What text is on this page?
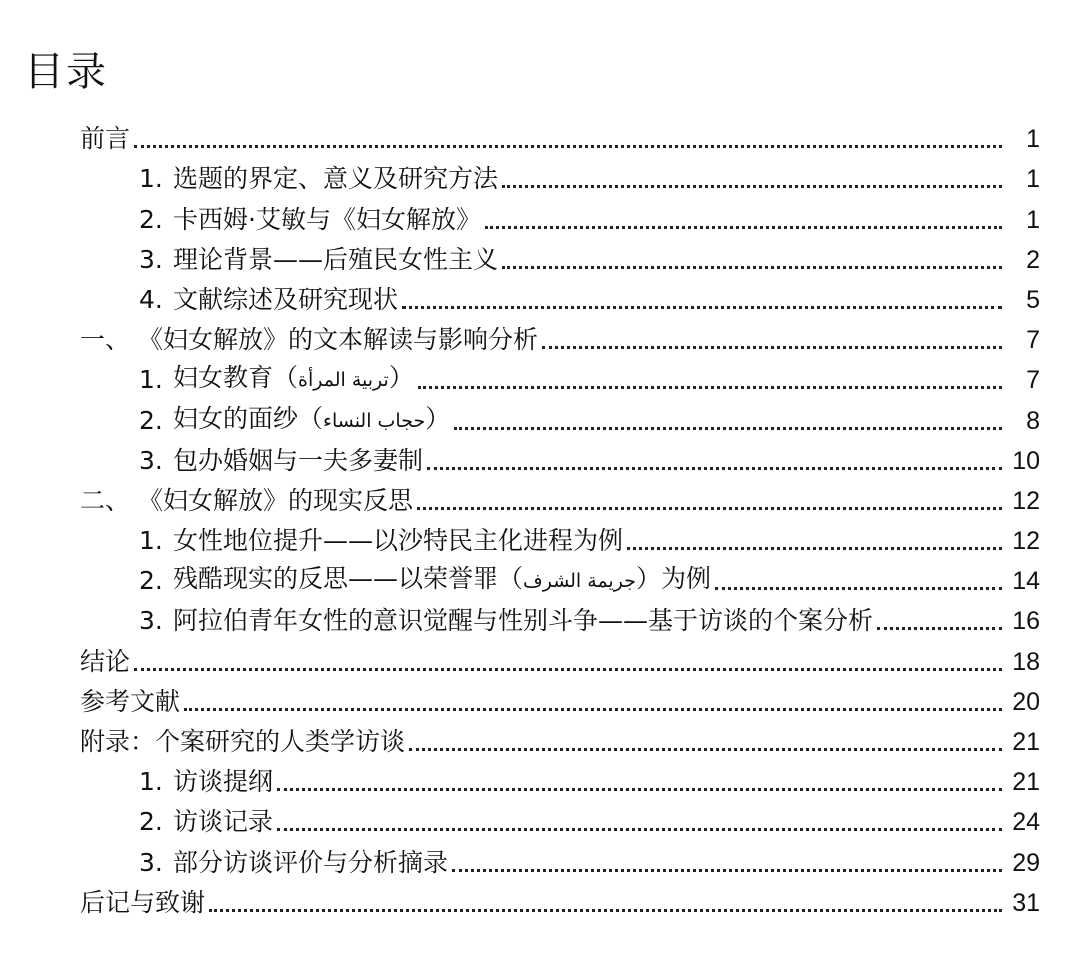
目录
前言	1
1. 选题的界定、意义及研究方法	1
2. 卡西姆·艾敏与《妇女解放》	1
3. 理论背景——后殖民女性主义	2
4. 文献综述及研究现状	5
一、 《妇女解放》的文本解读与影响分析	7
1. 妇女教育（تربية المرأة）	7
2. 妇女的面纱（حجاب النساء）	8
3. 包办婚姻与一夫多妻制	10
二、 《妇女解放》的现实反思	12
1. 女性地位提升——以沙特民主化进程为例	12
2. 残酷现实的反思——以荣誉罪（جريمة الشرف）为例	14
3. 阿拉伯青年女性的意识觉醒与性别斗争——基于访谈的个案分析	16
结论	18
参考文献	20
附录：个案研究的人类学访谈	21
1. 访谈提纲	21
2. 访谈记录	24
3. 部分访谈评价与分析摘录	29
后记与致谢	31
